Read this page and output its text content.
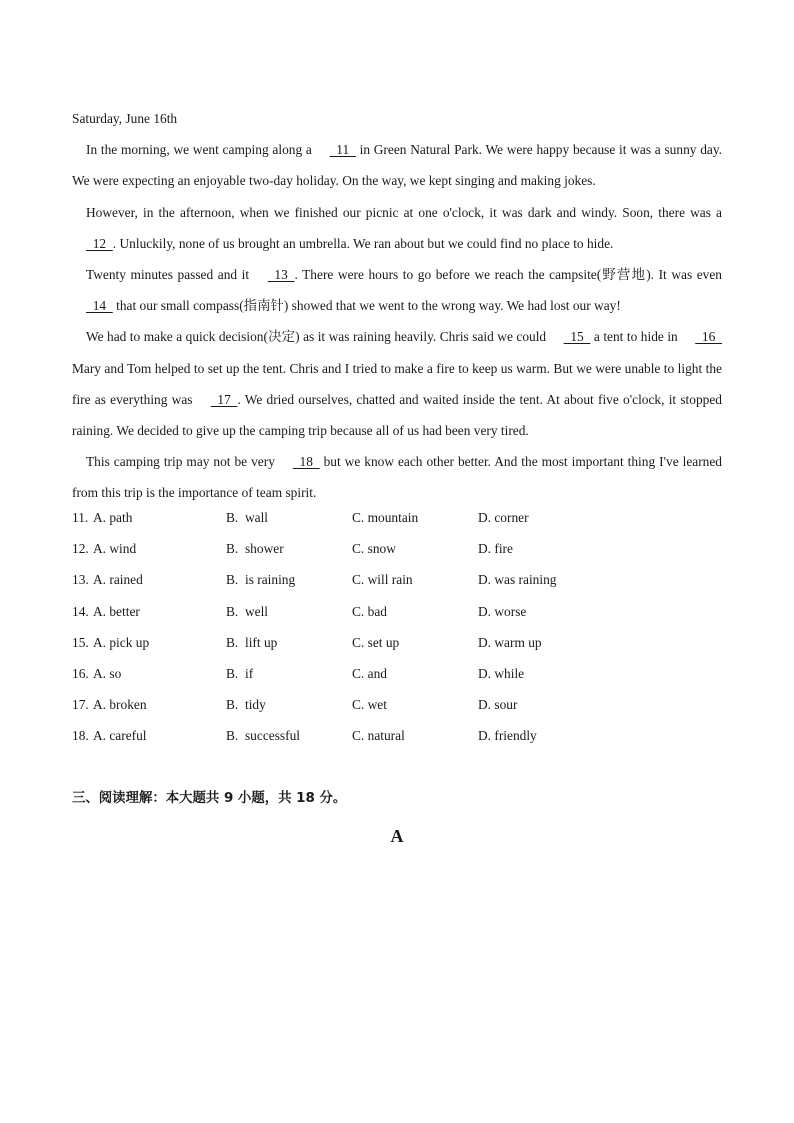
Saturday, June 16th

In the morning, we went camping along a   11   in Green Natural Park. We were happy because it was a sunny day. We were expecting an enjoyable two-day holiday. On the way, we kept singing and making jokes.

However, in the afternoon, when we finished our picnic at one o'clock, it was dark and windy. Soon, there was a   12  . Unluckily, none of us brought an umbrella. We ran about but we could find no place to hide.

Twenty minutes passed and it   13  . There were hours to go before we reach the campsite(野营地). It was even   14   that our small compass(指南针) showed that we went to the wrong way. We had lost our way!

We had to make a quick decision(决定) as it was raining heavily. Chris said we could   15   a tent to hide in   16   Mary and Tom helped to set up the tent. Chris and I tried to make a fire to keep us warm. But we were unable to light the fire as everything was   17  . We dried ourselves, chatted and waited inside the tent. At about five o'clock, it stopped raining. We decided to give up the camping trip because all of us had been very tired.

This camping trip may not be very   18   but we know each other better. And the most important thing I've learned from this trip is the importance of team spirit.

11. A. path	B.  wall	C. mountain	D. corner
12. A. wind	B.  shower	C. snow	D. fire
13. A. rained	B.  is raining	C. will rain	D. was raining
14. A. better	B.  well	C. bad	D. worse
15. A. pick up	B.  lift up	C. set up	D. warm up
16. A. so	B.  if	C. and	D. while
17. A. broken	B.  tidy	C. wet	D. sour
18. A. careful	B.  successful	C. natural	D. friendly
三、阅读理解：本大题共 9 小题，共 18 分。
A
